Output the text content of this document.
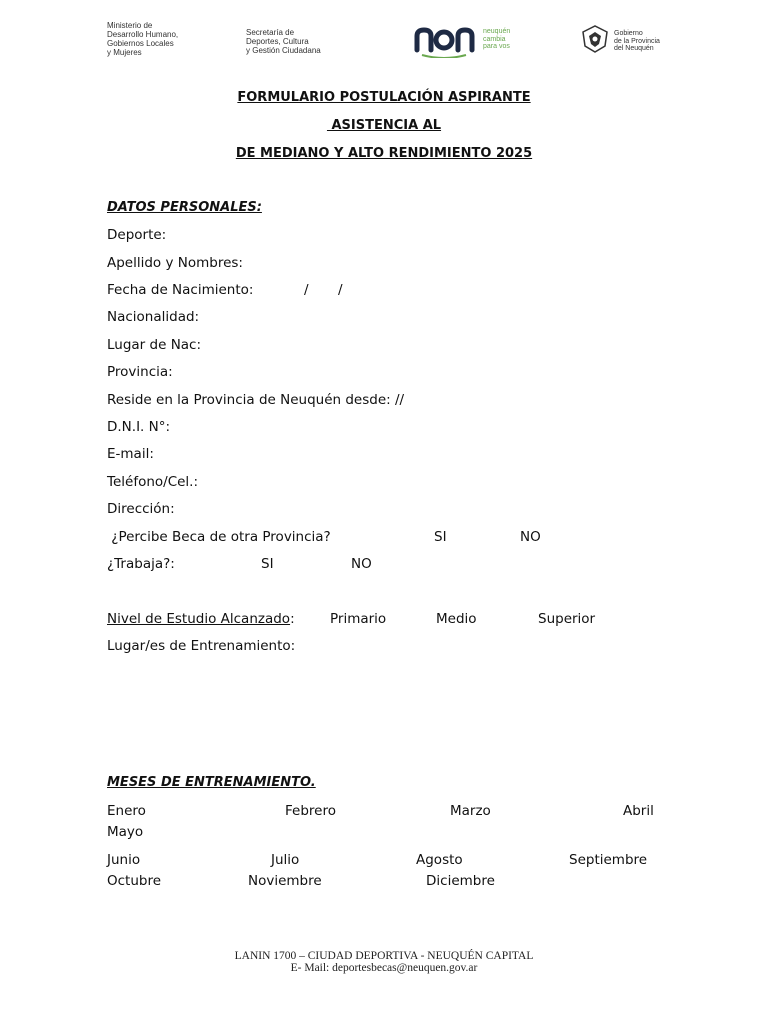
Ministerio de
Desarrollo Humano,
Gobiernos Locales
y Mujeres
Secretaría de
Deportes, Cultura
y Gestión Ciudadana
neuquén
cambia
para vos
Gobierno
de la Provincia
del Neuquén
FORMULARIO POSTULACIÓN ASPIRANTE
ASISTENCIA AL
DE MEDIANO Y ALTO RENDIMIENTO 2025
DATOS PERSONALES:
Deporte:
Apellido y Nombres:
Fecha de Nacimiento:	/ /
Nacionalidad:
Lugar de Nac:
Provincia:
Reside en la Provincia de Neuquén desde: //
D.N.I. N°:
E-mail:
Teléfono/Cel.:
Dirección:
¿Percibe Beca de otra Provincia?	SI	NO
¿Trabaja?:	SI	NO
Nivel de Estudio Alcanzado:	Primario	Medio	Superior
Lugar/es de Entrenamiento:
MESES DE ENTRENAMIENTO.
Enero	Febrero	Marzo	Abril
Mayo
Junio	Julio	Agosto	Septiembre
Octubre	Noviembre	Diciembre
LANIN 1700 – CIUDAD DEPORTIVA - NEUQUÉN CAPITAL
E- Mail: deportesbecas@neuquen.gov.ar
